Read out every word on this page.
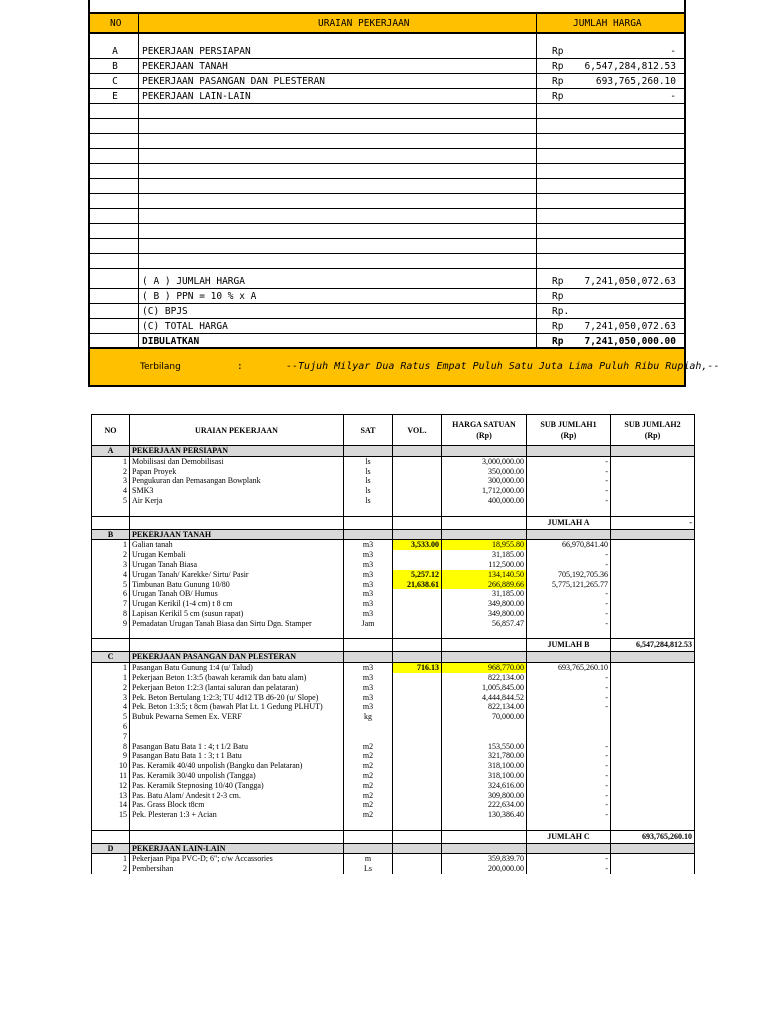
NO	URAIAN PEKERJAAN	JUMLAH HARGA
A	PEKERJAAN PERSIAPAN	Rp	-
B	PEKERJAAN TANAH	Rp 6,547,284,812.53
C	PEKERJAAN PASANGAN DAN PLESTERAN	Rp	693,765,260.10
E	PEKERJAAN LAIN-LAIN	Rp	-
( A ) JUMLAH HARGA	Rp 7,241,050,072.63
( B ) PPN = 10 % x A	Rp
(C) BPJS	Rp.
(C) TOTAL HARGA	Rp 7,241,050,072.63
DIBULATKAN	Rp 7,241,050,000.00
Terbilang	:	--Tujuh Milyar Dua Ratus Empat Puluh Satu Juta Lima Puluh Ribu Rupiah,--
NO	URAIAN PEKERJAAN	SAT	VOL.	HARGA SATUAN
(Rp)	SUB JUMLAH1
(Rp)	SUB JUMLAH2
(Rp)
A	PEKERJAAN PERSIAPAN					
1	Mobilisasi dan Demobilisasi	ls		3,000,000.00	-	
2	Papan Proyek	ls		350,000.00	-	
3	Pengukuran dan Pemasangan Bowplank	ls		300,000.00	-	
4	SMK3	ls		1,712,000.00	-	
5	Air Kerja	ls		400,000.00	-	

					JUMLAH A	-
B	PEKERJAAN TANAH					
1	Galian tanah	m3	3,533.00	18,955.80	66,970,841.40	
2	Urugan Kembali	m3		31,185.00	-	
3	Urugan Tanah Biasa	m3		112,500.00	-	
4	Urugan Tanah/ Karekke/ Sirtu/ Pasir	m3	5,257.12	134,140.50	705,192,705.36	
5	Timbunan Batu Gunung 10/80	m3	21,638.61	266,889.66	5,775,121,265.77	
6	Urugan Tanah OB/ Humus	m3		31,185.00	-	
7	Urugan Kerikil (1-4 cm) t 8 cm	m3		349,800.00	-	
8	Lapisan Kerikil 5 cm (susun rapat)	m3		349,800.00	-	
9	Pemadatan Urugan Tanah Biasa dan Sirtu Dgn. Stamper	Jam		56,857.47	-	

					JUMLAH B	6,547,284,812.53
C	PEKERJAAN PASANGAN DAN PLESTERAN					
1	Pasangan Batu Gunung 1:4 (u/ Talud)	m3	716.13	968,770.00	693,765,260.10	
1	Pekerjaan Beton 1:3:5 (bawah keramik dan batu alam)	m3		822,134.00	-	
2	Pekerjaan Beton 1:2:3 (lantai saluran dan pelataran)	m3		1,005,845.00	-	
3	Pek. Beton Bertulang 1:2:3; TU 4d12 TB d6-20 (u/ Slope)	m3		4,444,844.52	-	
4	Pek. Beton 1:3:5; t 8cm (bawah Plat Lt. 1 Gedung PLHUT)	m3		822,134.00	-	
5	Bubuk Pewarna Semen Ex. VERF	kg		70,000.00		
6						
7						
8	Pasangan Batu Bata 1 : 4; t 1/2 Batu	m2		153,550.00	-	
9	Pasangan Batu Bata 1 : 3; t 1 Batu	m2		321,780.00	-	
10	Pas. Keramik 40/40 unpolish (Bangku dan Pelataran)	m2		318,100.00	-	
11	Pas. Keramik 30/40 unpolish (Tangga)	m2		318,100.00	-	
12	Pas. Keramik Stepnosing 10/40 (Tangga)	m2		324,616.00	-	
13	Pas. Batu Alam/ Andesit t 2-3 cm.	m2		309,800.00	-	
14	Pas. Grass Block t8cm	m2		222,634.00	-	
15	Pek. Plesteran 1:3 + Acian	m2		130,386.40	-	

					JUMLAH C	693,765,260.10
D	PEKERJAAN LAIN-LAIN					
1	Pekerjaan Pipa PVC-D; 6"; c/w Accassories	m		359,839.70	-	
2	Pembersihan	Ls		200,000.00	-	
